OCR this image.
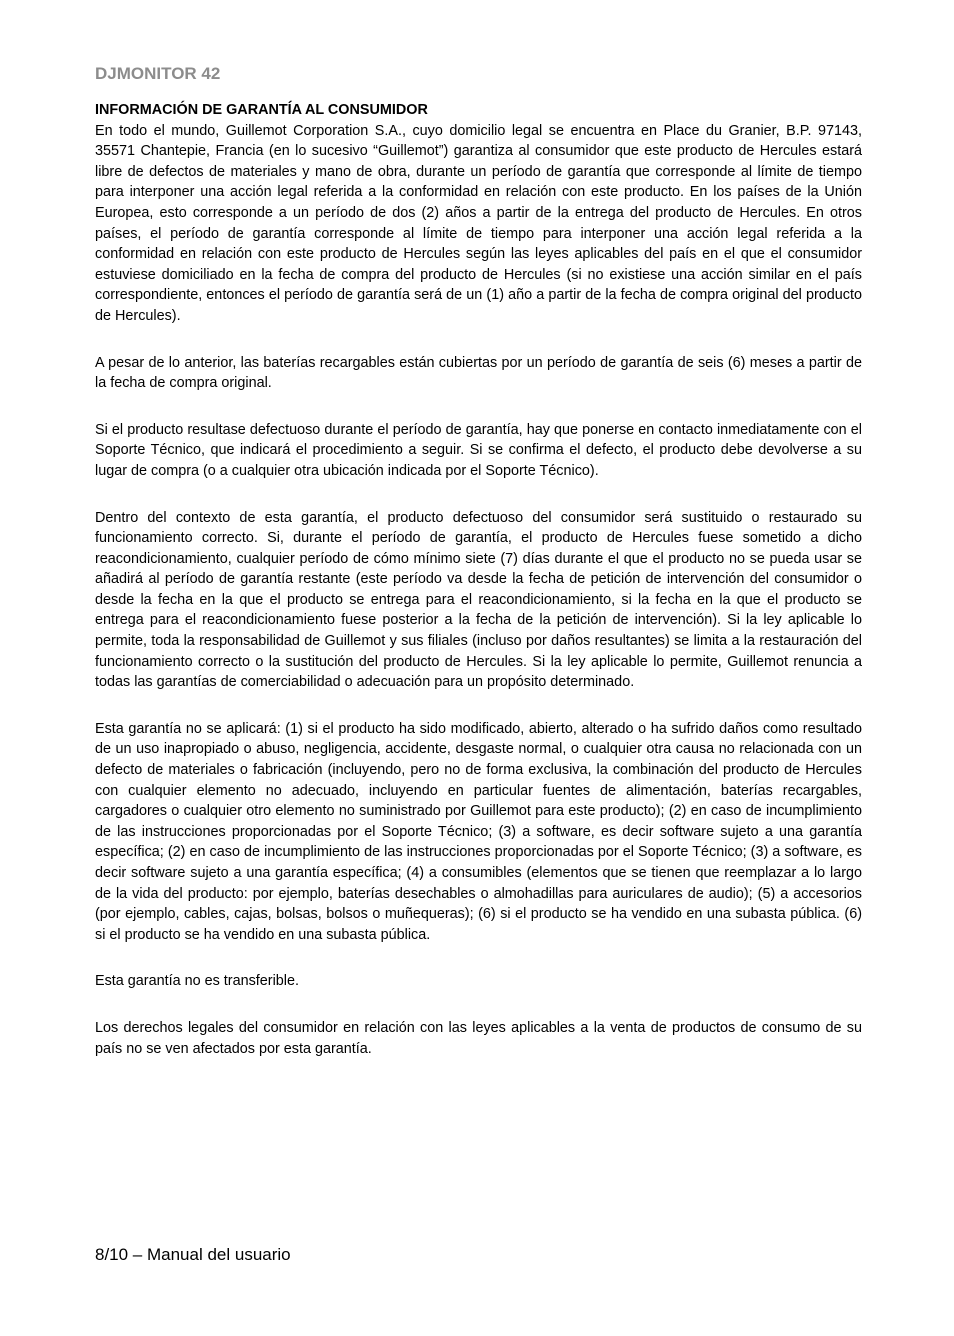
DJMONITOR 42

INFORMACIÓN DE GARANTÍA AL CONSUMIDOR

En todo el mundo, Guillemot Corporation S.A., cuyo domicilio legal se encuentra en Place du Granier, B.P. 97143, 35571 Chantepie, Francia (en lo sucesivo “Guillemot”) garantiza al consumidor que este producto de Hercules estará libre de defectos de materiales y mano de obra, durante un período de garantía que corresponde al límite de tiempo para interponer una acción legal referida a la conformidad en relación con este producto. En los países de la Unión Europea, esto corresponde a un período de dos (2) años a partir de la entrega del producto de Hercules. En otros países, el período de garantía corresponde al límite de tiempo para interponer una acción legal referida a la conformidad en relación con este producto de Hercules según las leyes aplicables del país en el que el consumidor estuviese domiciliado en la fecha de compra del producto de Hercules (si no existiese una acción similar en el país correspondiente, entonces el período de garantía será de un (1) año a partir de la fecha de compra original del producto de Hercules).

A pesar de lo anterior, las baterías recargables están cubiertas por un período de garantía de seis (6) meses a partir de la fecha de compra original.

Si el producto resultase defectuoso durante el período de garantía, hay que ponerse en contacto inmediatamente con el Soporte Técnico, que indicará el procedimiento a seguir. Si se confirma el defecto, el producto debe devolverse a su lugar de compra (o a cualquier otra ubicación indicada por el Soporte Técnico).

Dentro del contexto de esta garantía, el producto defectuoso del consumidor será sustituido o restaurado su funcionamiento correcto. Si, durante el período de garantía, el producto de Hercules fuese sometido a dicho reacondicionamiento, cualquier período de cómo mínimo siete (7) días durante el que el producto no se pueda usar se añadirá al período de garantía restante (este período va desde la fecha de petición de intervención del consumidor o desde la fecha en la que el producto se entrega para el reacondicionamiento, si la fecha en la que el producto se entrega para el reacondicionamiento fuese posterior a la fecha de la petición de intervención). Si la ley aplicable lo permite, toda la responsabilidad de Guillemot y sus filiales (incluso por daños resultantes) se limita a la restauración del funcionamiento correcto o la sustitución del producto de Hercules. Si la ley aplicable lo permite, Guillemot renuncia a todas las garantías de comerciabilidad o adecuación para un propósito determinado.

Esta garantía no se aplicará: (1) si el producto ha sido modificado, abierto, alterado o ha sufrido daños como resultado de un uso inapropiado o abuso, negligencia, accidente, desgaste normal, o cualquier otra causa no relacionada con un defecto de materiales o fabricación (incluyendo, pero no de forma exclusiva, la combinación del producto de Hercules con cualquier elemento no adecuado, incluyendo en particular fuentes de alimentación, baterías recargables, cargadores o cualquier otro elemento no suministrado por Guillemot para este producto); (2) en caso de incumplimiento de las instrucciones proporcionadas por el Soporte Técnico; (3) a software, es decir software sujeto a una garantía específica; (2) en caso de incumplimiento de las instrucciones proporcionadas por el Soporte Técnico; (3) a software, es decir software sujeto a una garantía específica; (4) a consumibles (elementos que se tienen que reemplazar a lo largo de la vida del producto: por ejemplo, baterías desechables o almohadillas para auriculares de audio); (5) a accesorios (por ejemplo, cables, cajas, bolsas, bolsos o muñequeras); (6) si el producto se ha vendido en una subasta pública. (6) si el producto se ha vendido en una subasta pública.

Esta garantía no es transferible.

Los derechos legales del consumidor en relación con las leyes aplicables a la venta de productos de consumo de su país no se ven afectados por esta garantía.

8/10 – Manual del usuario
